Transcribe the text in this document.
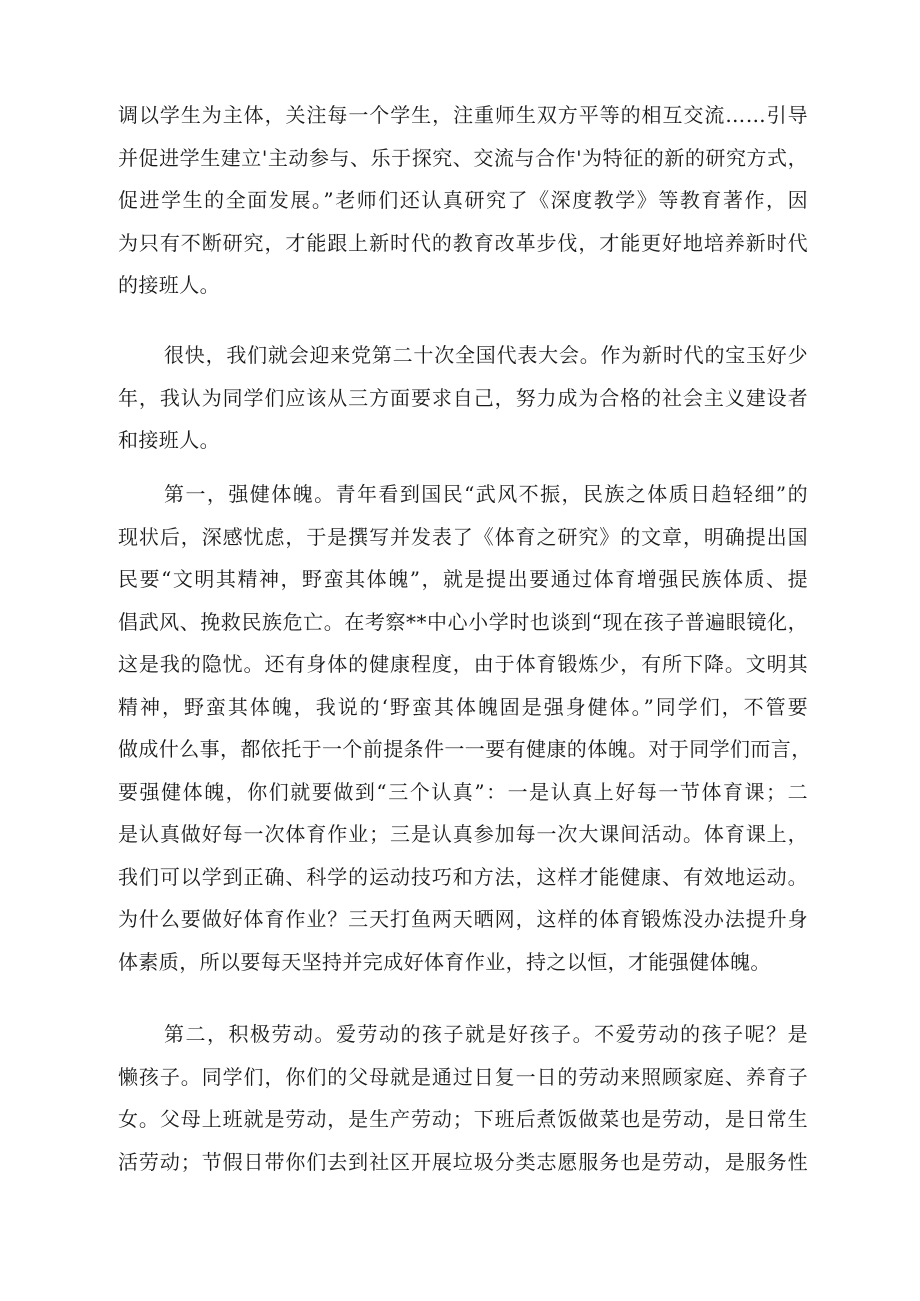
调以学生为主体，关注每一个学生，注重师生双方平等的相互交流……引导
并促进学生建立'主动参与、乐于探究、交流与合作'为特征的新的研究方式，
促进学生的全面发展。”老师们还认真研究了《深度教学》等教育著作，因
为只有不断研究，才能跟上新时代的教育改革步伐，才能更好地培养新时代
的接班人。
很快，我们就会迎来党第二十次全国代表大会。作为新时代的宝玉好少
年，我认为同学们应该从三方面要求自己，努力成为合格的社会主义建设者
和接班人。
第一，强健体魄。青年看到国民“武风不振，民族之体质日趋轻细”的
现状后，深感忧虑，于是撰写并发表了《体育之研究》的文章，明确提出国
民要“文明其精神，野蛮其体魄”，就是提出要通过体育增强民族体质、提
倡武风、挽救民族危亡。在考察**中心小学时也谈到“现在孩子普遍眼镜化，
这是我的隐忧。还有身体的健康程度，由于体育锻炼少，有所下降。文明其
精神，野蛮其体魄，我说的‘野蛮其体魄固是强身健体。”同学们，不管要
做成什么事，都依托于一个前提条件一一要有健康的体魄。对于同学们而言，
要强健体魄，你们就要做到“三个认真”：一是认真上好每一节体育课；二
是认真做好每一次体育作业；三是认真参加每一次大课间活动。体育课上，
我们可以学到正确、科学的运动技巧和方法，这样才能健康、有效地运动。
为什么要做好体育作业？三天打鱼两天晒网，这样的体育锻炼没办法提升身
体素质，所以要每天坚持并完成好体育作业，持之以恒，才能强健体魄。
第二，积极劳动。爱劳动的孩子就是好孩子。不爱劳动的孩子呢？是
懒孩子。同学们，你们的父母就是通过日复一日的劳动来照顾家庭、养育子
女。父母上班就是劳动，是生产劳动；下班后煮饭做菜也是劳动，是日常生
活劳动；节假日带你们去到社区开展垃圾分类志愿服务也是劳动，是服务性
